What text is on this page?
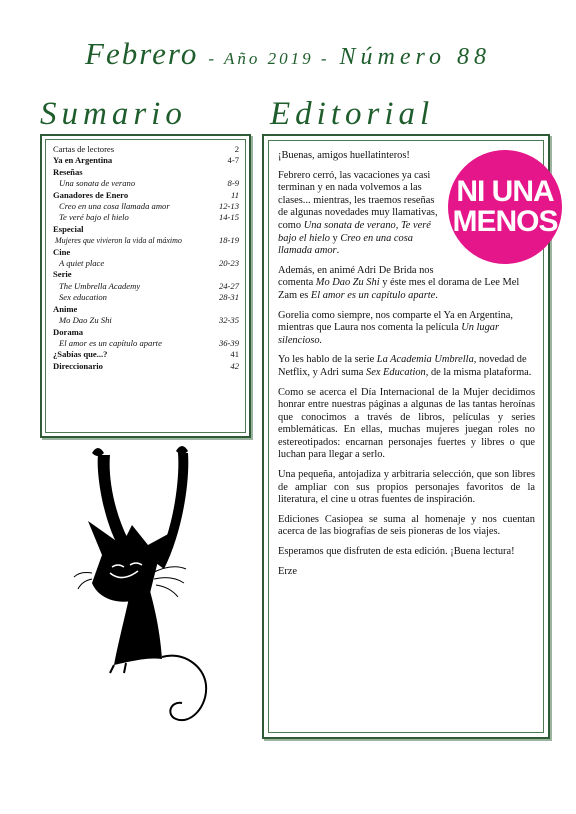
Febrero - Año 2019 - Número 88
Sumario	Editorial
Cartas de lectores	2
Ya en Argentina	4-7
Reseñas
Una sonata de verano	8-9
Ganadores de Enero	11
Creo en una cosa llamada amor	12-13
Te veré bajo el hielo	14-15
Especial
Mujeres que vivieron la vida al máximo	18-19
Cine
A quiet place	20-23
Serie
The Umbrella Academy	24-27
Sex education	28-31
Anime
Mo Dao Zu Shi	32-35
Dorama
El amor es un capítulo aparte	36-39
¿Sabías que...?	41
Direccionario	42

¡Buenas, amigos huellatinteros!

Febrero cerró, las vacaciones ya casi terminan y en nada volvemos a las clases... mientras, les traemos reseñas de algunas novedades muy llamativas, como Una sonata de verano, Te veré bajo el hielo y Creo en una cosa llamada amor.

Además, en animé Adri De Brida nos comenta Mo Dao Zu Shi y éste mes el dorama de Lee Mel Zam es El amor es un capítulo aparte.

Gorelia como siempre, nos comparte el Ya en Argentina, mientras que Laura nos comenta la película Un lugar silencioso.

Yo les hablo de la serie La Academia Umbrella, novedad de Netflix, y Adri suma Sex Education, de la misma plataforma.

Como se acerca el Día Internacional de la Mujer decidimos honrar entre nuestras páginas a algunas de las tantas heroínas que conocimos a través de libros, películas y series emblemáticas. En ellas, muchas mujeres juegan roles no estereotipados: encarnan personajes fuertes y libres o que luchan para llegar a serlo.

Una pequeña, antojadiza y arbitraria selección, que son libres de ampliar con sus propios personajes favoritos de la literatura, el cine u otras fuentes de inspiración.

Ediciones Casiopea se suma al homenaje y nos cuentan acerca de las biografías de seis pioneras de los viajes.

Esperamos que disfruten de esta edición. ¡Buena lectura!

Erze

NI UNA
MENOS
